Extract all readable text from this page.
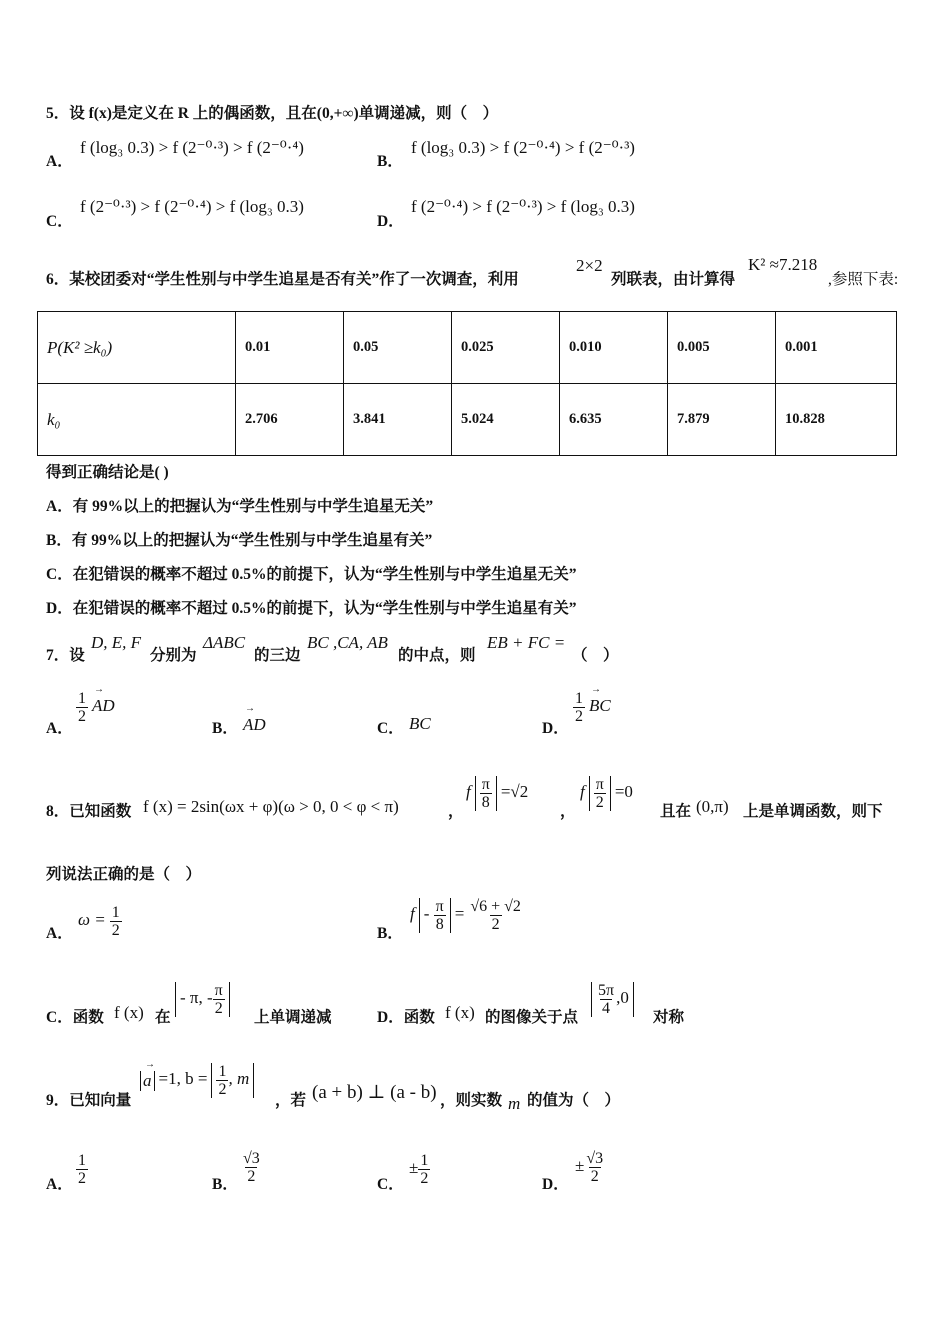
5．设 f(x)是定义在 R 上的偶函数，且在(0,+∞)单调递减，则（　）
A．
f (log₃ 0.3) > f (2⁻⁰·³) > f (2⁻⁰·⁴)
B．
f (log₃ 0.3) > f (2⁻⁰·⁴) > f (2⁻⁰·³)
C．
f (2⁻⁰·³) > f (2⁻⁰·⁴) > f (log₃ 0.3)
D．
f (2⁻⁰·⁴) > f (2⁻⁰·³) > f (log₃ 0.3)
6．某校团委对“学生性别与中学生追星是否有关”作了一次调查，利用
2×2
列联表，由计算得
K² ≈7.218
,参照下表:
P(K² ≥k₀)	0.01	0.05	0.025	0.010	0.005	0.001
k₀	2.706	3.841	5.024	6.635	7.879	10.828
得到正确结论是( )
A．有 99%以上的把握认为“学生性别与中学生追星无关”
B．有 99%以上的把握认为“学生性别与中学生追星有关”
C．在犯错误的概率不超过 0.5%的前提下，认为“学生性别与中学生追星无关”
D．在犯错误的概率不超过 0.5%的前提下，认为“学生性别与中学生追星有关”
7．设
D, E, F
分别为
ΔABC
的三边
BC ,CA, AB
的中点，则
EB + FC =
（　）
A．
$\frac{1}{2}$ → AD
B． → AD	C． BC	D．
$\frac{1}{2}$ → BC
8．已知函数 f (x) = 2sin(ωx + φ)(ω > 0, 0 < φ < π)	，
f $\frac{\pi}{8} =√2$
，
f $\frac{\pi}{2} =0$
且在 (0,π) 上是单调函数，则下
列说法正确的是（　）
A．
$\omega = \frac{1}{2}$	B．
$f - \frac{\pi}{8} = \frac{√6 + √2}{2}$
C．函数 f (x) 在
- π, - $\frac{\pi}{2}$
上单调递减	D．函数 f (x) 的图像关于点
$\frac{5\pi}{4} ,0$
对称
9．已知向量
→ a =1, $b = \frac{1}{2}$ , m
，若 (a + b) ⊥ (a - b) ，则实数 m 的值为（　）
A． $\frac{1}{2}$	B． $\frac{√3}{2}$	C．
± $\frac{1}{2}$	D．
± $\frac{√3}{2}$
